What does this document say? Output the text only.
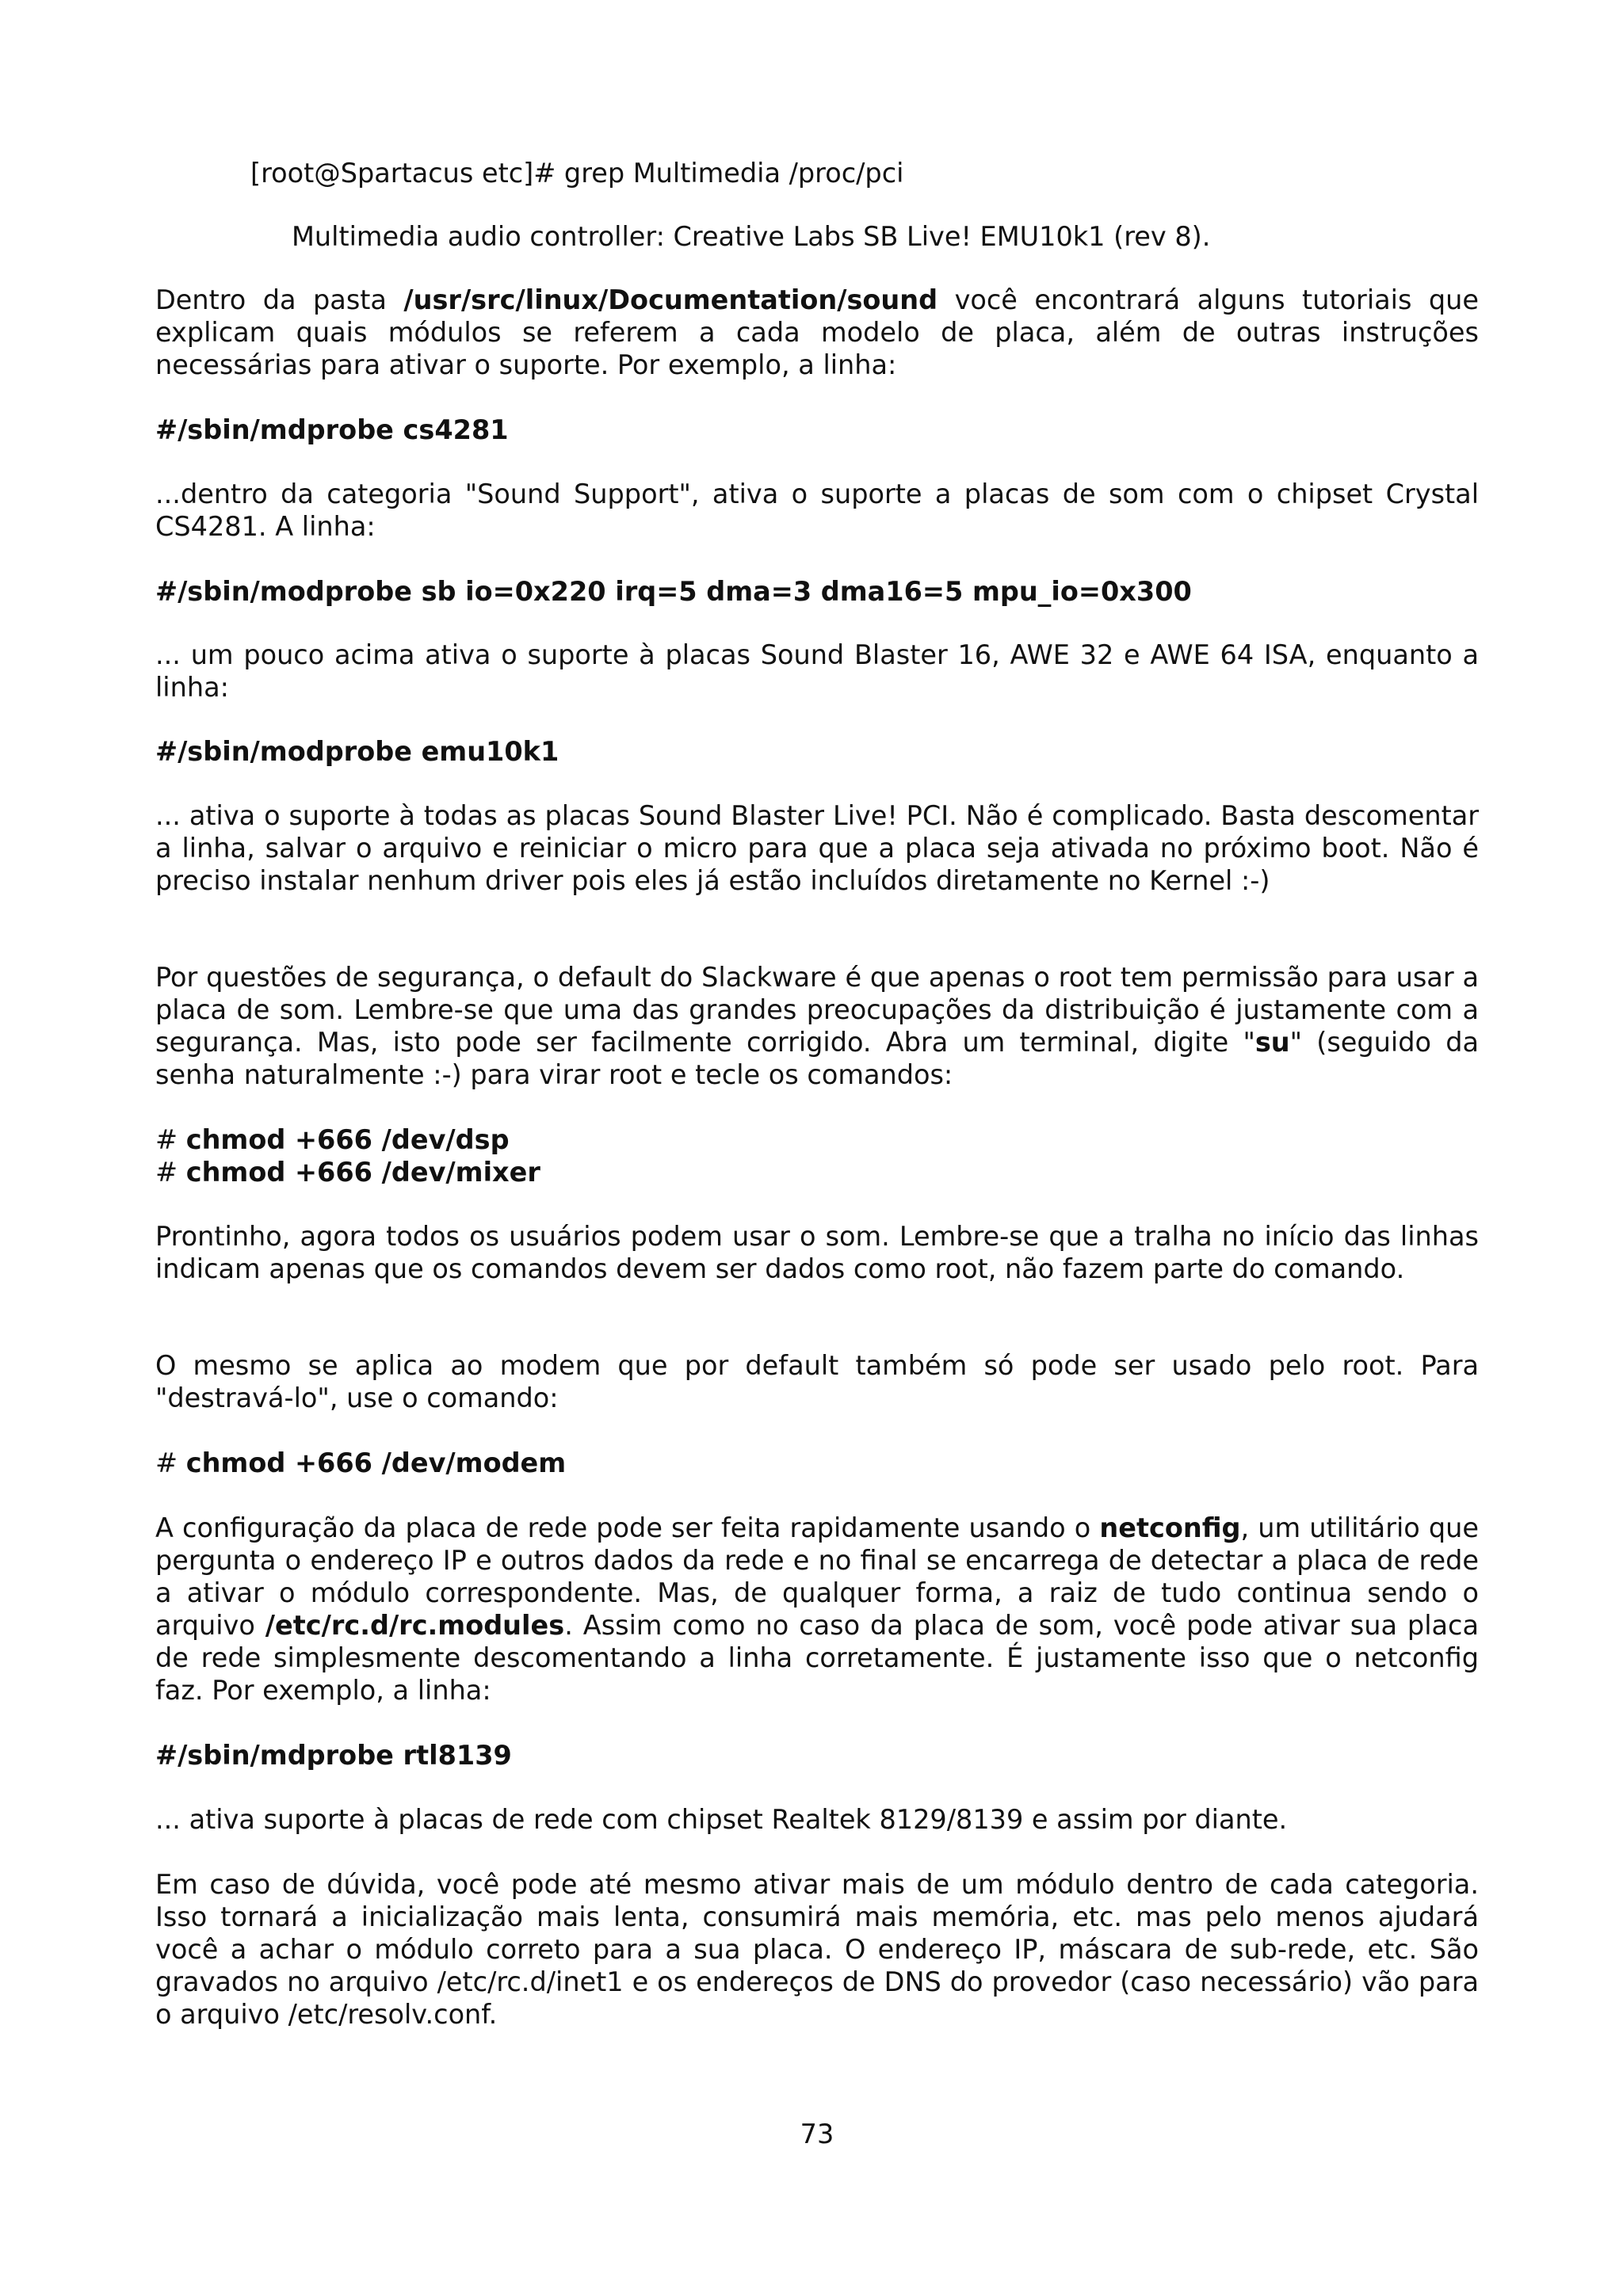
[root@Spartacus etc]# grep Multimedia /proc/pci
Multimedia audio controller: Creative Labs SB Live! EMU10k1 (rev 8).
Dentro da pasta /usr/src/linux/Documentation/sound você encontrará alguns tutoriais que explicam quais módulos se referem a cada modelo de placa, além de outras instruções necessárias para ativar o suporte. Por exemplo, a linha:
#/sbin/mdprobe cs4281
...dentro da categoria "Sound Support", ativa o suporte a placas de som com o chipset Crystal CS4281. A linha:
#/sbin/modprobe sb io=0x220 irq=5 dma=3 dma16=5 mpu_io=0x300
... um pouco acima ativa o suporte à placas Sound Blaster 16, AWE 32 e AWE 64 ISA, enquanto a linha:
#/sbin/modprobe emu10k1
... ativa o suporte à todas as placas Sound Blaster Live! PCI. Não é complicado. Basta descomentar a linha, salvar o arquivo e reiniciar o micro para que a placa seja ativada no próximo boot. Não é preciso instalar nenhum driver pois eles já estão incluídos diretamente no Kernel :-)
Por questões de segurança, o default do Slackware é que apenas o root tem permissão para usar a placa de som. Lembre-se que uma das grandes preocupações da distribuição é justamente com a segurança. Mas, isto pode ser facilmente corrigido. Abra um terminal, digite "su" (seguido da senha naturalmente :-) para virar root e tecle os comandos:
# chmod +666 /dev/dsp
# chmod +666 /dev/mixer
Prontinho, agora todos os usuários podem usar o som. Lembre-se que a tralha no início das linhas indicam apenas que os comandos devem ser dados como root, não fazem parte do comando.
O mesmo se aplica ao modem que por default também só pode ser usado pelo root. Para "destravá-lo", use o comando:
# chmod +666 /dev/modem
A configuração da placa de rede pode ser feita rapidamente usando o netconfig, um utilitário que pergunta o endereço IP e outros dados da rede e no final se encarrega de detectar a placa de rede a ativar o módulo correspondente. Mas, de qualquer forma, a raiz de tudo continua sendo o arquivo /etc/rc.d/rc.modules. Assim como no caso da placa de som, você pode ativar sua placa de rede simplesmente descomentando a linha corretamente. É justamente isso que o netconfig faz. Por exemplo, a linha:
#/sbin/mdprobe rtl8139
... ativa suporte à placas de rede com chipset Realtek 8129/8139 e assim por diante.
Em caso de dúvida, você pode até mesmo ativar mais de um módulo dentro de cada categoria. Isso tornará a inicialização mais lenta, consumirá mais memória, etc. mas pelo menos ajudará você a achar o módulo correto para a sua placa. O endereço IP, máscara de sub-rede, etc. São gravados no arquivo /etc/rc.d/inet1 e os endereços de DNS do provedor (caso necessário) vão para o arquivo /etc/resolv.conf.
73
